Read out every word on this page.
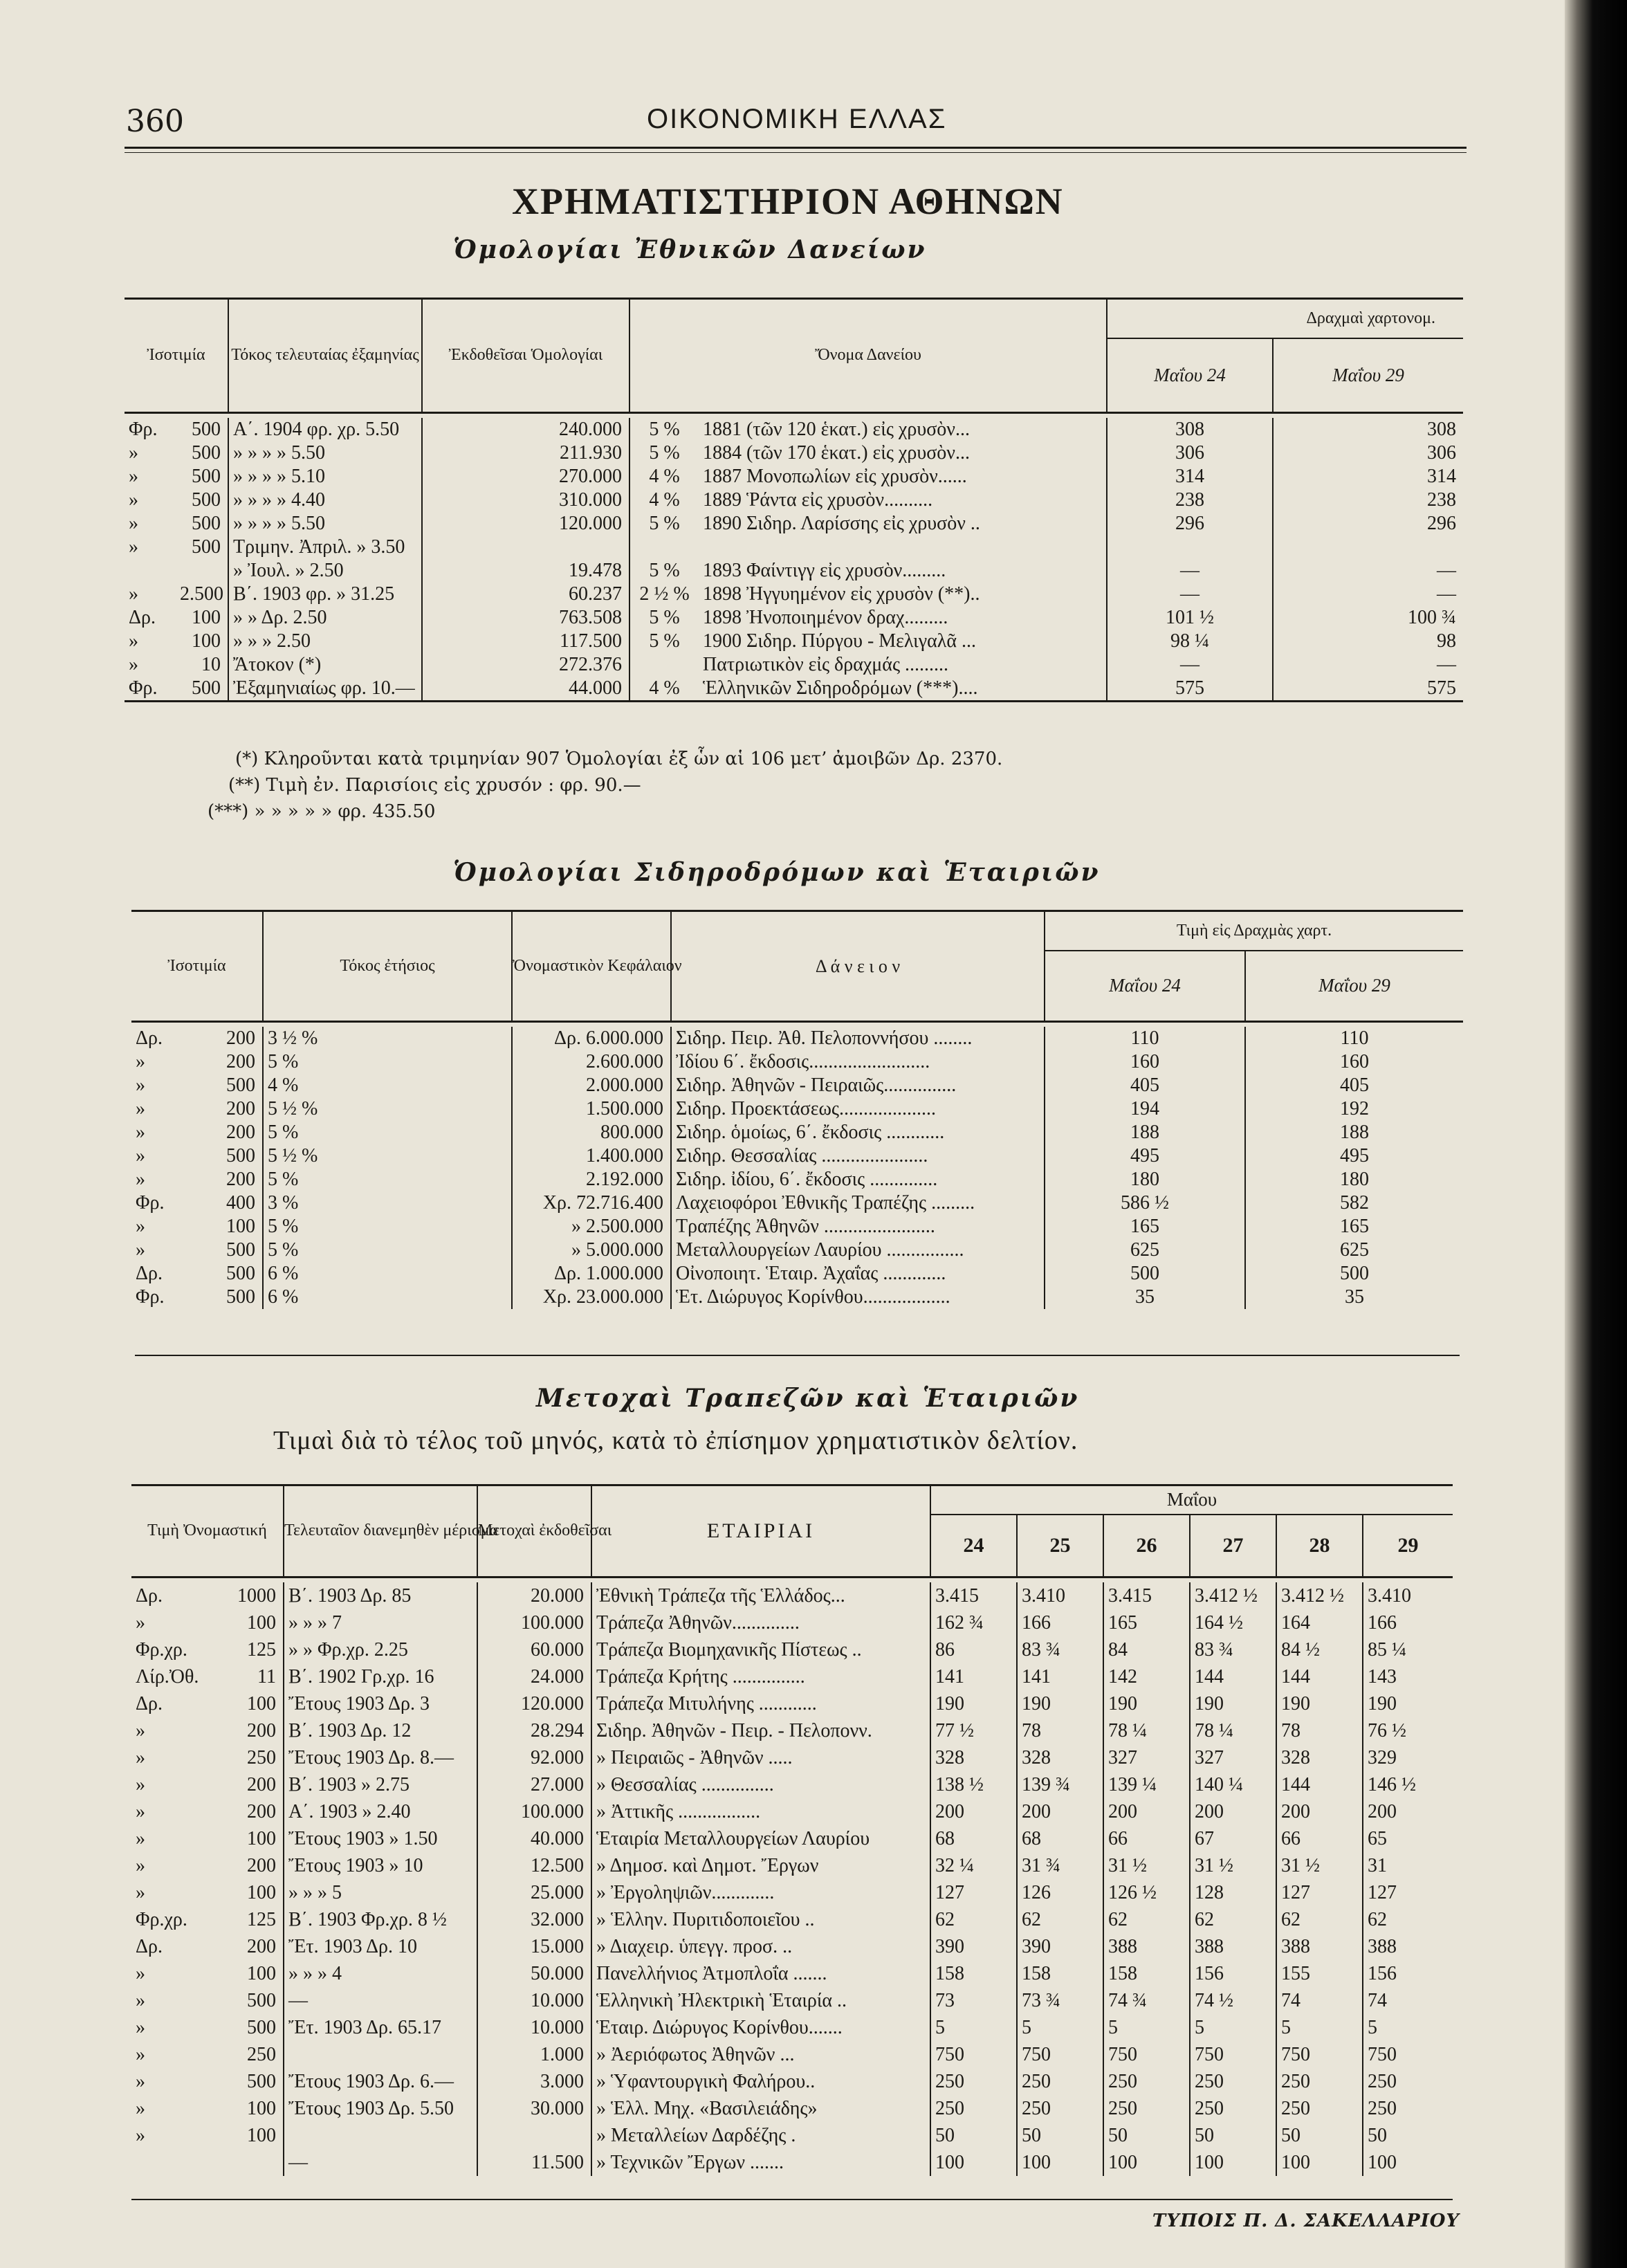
360	ΟΙΚΟΝΟΜΙΚΗ ΕΛΛΑΣ
ΧΡΗΜΑΤΙΣΤΗΡΙΟΝ ΑΘΗΝΩΝ
Ὁμολογίαι Ἐθνικῶν Δανείων
Ἰσοτιμία		Τόκος τελευταίας ἐξαμηνίας	Ἐκδοθεῖσαι Ὁμολογίαι	Ὄνομα Δανείου		Δραχμαὶ χαρτονομ.	
						Μαΐου 24	Μαΐου 29

Φρ.	500	Α΄. 1904 φρ. χρ. 5.50	240.000	5 %	1881 (τῶν 120 ἑκατ.) εἰς χρυσὸν...	308	308
»	500	» » » » 5.50	211.930	5 %	1884 (τῶν 170 ἑκατ.) εἰς χρυσὸν...	306	306
»	500	» » » » 5.10	270.000	4 %	1887 Μονοπωλίων εἰς χρυσὸν......	314	314
»	500	» » » » 4.40	310.000	4 %	1889 Ῥάντα εἰς χρυσὸν..........	238	238
»	500	» » » » 5.50	120.000	5 %	1890 Σιδηρ. Λαρίσσης εἰς χρυσὸν ..	296	296
»	500	Τριμην. Ἀπριλ. » 3.50					
		» Ἰουλ. » 2.50	19.478	5 %	1893 Φαίντιγγ εἰς χρυσὸν.........	—	—
»	2.500	Β΄. 1903 φρ. » 31.25	60.237	2 ½ %	1898 Ἠγγυημένον εἰς χρυσὸν (**)..	—	—
Δρ.	100	» » Δρ. 2.50	763.508	5 %	1898 Ἠνοποιημένον δραχ.........	101 ½	100 ¾
»	100	» » » 2.50	117.500	5 %	1900 Σιδηρ. Πύργου - Μελιγαλᾶ ...	98 ¼	98
»	10	Ἄτοκον (*)	272.376		Πατριωτικὸν εἰς δραχμάς .........	—	—
Φρ.	500	Ἐξαμηνιαίως φρ. 10.—	44.000	4 %	Ἑλληνικῶν Σιδηροδρόμων (***)....	575	575

(*) Κληροῦνται κατὰ τριμηνίαν 907 Ὁμολογίαι ἐξ ὧν αἱ 106 μετ’ ἀμοιβῶν Δρ. 2370.
(**) Τιμὴ ἐν. Παρισίοις εἰς χρυσόν : φρ. 90.—
(***) » » » » » φρ. 435.50
Ὁμολογίαι Σιδηροδρόμων καὶ Ἑταιριῶν
Ἰσοτιμία		Τόκος ἐτήσιος	Ὀνομαστικὸν Κεφάλαιον	Δ ά ν ε ι ο ν	Τιμὴ εἰς Δραχμὰς χαρτ.	
					Μαΐου 24	Μαΐου 29

Δρ.	200	3 ½ %	Δρ. 6.000.000	Σιδηρ. Πειρ. Ἀθ. Πελοποννήσου ........	110	110
»	200	5 %	2.600.000	Ἰδίου 6΄. ἔκδοσις.........................	160	160
»	500	4 %	2.000.000	Σιδηρ. Ἀθηνῶν - Πειραιῶς...............	405	405
»	200	5 ½ %	1.500.000	Σιδηρ. Προεκτάσεως....................	194	192
»	200	5 %	800.000	Σιδηρ. ὁμοίως, 6΄. ἔκδοσις ............	188	188
»	500	5 ½ %	1.400.000	Σιδηρ. Θεσσαλίας ......................	495	495
»	200	5 %	2.192.000	Σιδηρ. ἰδίου, 6΄. ἔκδοσις ..............	180	180
Φρ.	400	3 %	Χρ. 72.716.400	Λαχειοφόροι Ἐθνικῆς Τραπέζης .........	586 ½	582
»	100	5 %	» 2.500.000	Τραπέζης Ἀθηνῶν .......................	165	165
»	500	5 %	» 5.000.000	Μεταλλουργείων Λαυρίου ................	625	625
Δρ.	500	6 %	Δρ. 1.000.000	Οἰνοποιητ. Ἑταιρ. Ἀχαΐας .............	500	500
Φρ.	500	6 %	Χρ. 23.000.000	Ἑτ. Διώρυγος Κορίνθου..................	35	35
Μετοχαὶ Τραπεζῶν καὶ Ἑταιριῶν
Τιμαὶ διὰ τὸ τέλος τοῦ μηνός, κατὰ τὸ ἐπίσημον χρηματιστικὸν δελτίον.
Τιμὴ Ὀνομαστική		Τελευταῖον διανεμηθὲν μέρισμα	Μετοχαὶ ἐκδοθεῖσαι	ΕΤΑΙΡΙΑΙ	Μαΐου					
					24	25	26	27	28	29

Δρ.	1000	Β΄. 1903 Δρ. 85	20.000	Ἐθνικὴ Τράπεζα τῆς Ἑλλάδος...	3.415	3.410	3.415	3.412 ½	3.412 ½	3.410
»	100	» » » 7	100.000	Τράπεζα Ἀθηνῶν..............	162 ¾	166	165	164 ½	164	166
Φρ.χρ.	125	» » Φρ.χρ. 2.25	60.000	Τράπεζα Βιομηχανικῆς Πίστεως ..	86	83 ¾	84	83 ¾	84 ½	85 ¼
Λίρ.Ὀθ.	11	Β΄. 1902 Γρ.χρ. 16	24.000	Τράπεζα Κρήτης ...............	141	141	142	144	144	143
Δρ.	100	Ἔτους 1903 Δρ. 3	120.000	Τράπεζα Μιτυλήνης ............	190	190	190	190	190	190
»	200	Β΄. 1903 Δρ. 12	28.294	Σιδηρ. Ἀθηνῶν - Πειρ. - Πελοπονν.	77 ½	78	78 ¼	78 ¼	78	76 ½
»	250	Ἔτους 1903 Δρ. 8.—	92.000	» Πειραιῶς - Ἀθηνῶν .....	328	328	327	327	328	329
»	200	Β΄. 1903 » 2.75	27.000	» Θεσσαλίας ...............	138 ½	139 ¾	139 ¼	140 ¼	144	146 ½
»	200	Α΄. 1903 » 2.40	100.000	» Ἀττικῆς .................	200	200	200	200	200	200
»	100	Ἔτους 1903 » 1.50	40.000	Ἑταιρία Μεταλλουργείων Λαυρίου	68	68	66	67	66	65
»	200	Ἔτους 1903 » 10	12.500	» Δημοσ. καὶ Δημοτ. Ἔργων	32 ¼	31 ¾	31 ½	31 ½	31 ½	31
»	100	» » » 5	25.000	» Ἐργοληψιῶν.............	127	126	126 ½	128	127	127
Φρ.χρ.	125	Β΄. 1903 Φρ.χρ. 8 ½	32.000	» Ἑλλην. Πυριτιδοποιεῖου ..	62	62	62	62	62	62
Δρ.	200	Ἔτ. 1903 Δρ. 10	15.000	» Διαχειρ. ὑπεγγ. προσ. ..	390	390	388	388	388	388
»	100	» » » 4	50.000	Πανελλήνιος Ἀτμοπλοΐα .......	158	158	158	156	155	156
»	500	—	10.000	Ἑλληνικὴ Ἠλεκτρικὴ Ἑταιρία ..	73	73 ¾	74 ¾	74 ½	74	74
»	500	Ἔτ. 1903 Δρ. 65.17	10.000	Ἑταιρ. Διώρυγος Κορίνθου.......	5	5	5	5	5	5
»	250		1.000	» Ἀεριόφωτος Ἀθηνῶν ...	750	750	750	750	750	750
»	500	Ἔτους 1903 Δρ. 6.—	3.000	» Ὑφαντουργικὴ Φαλήρου..	250	250	250	250	250	250
»	100	Ἔτους 1903 Δρ. 5.50	30.000	» Ἑλλ. Μηχ. «Βασιλειάδης»	250	250	250	250	250	250
»	100			» Μεταλλείων Δαρδέζης .	50	50	50	50	50	50
		—	11.500	» Τεχνικῶν Ἔργων .......	100	100	100	100	100	100
ΤΥΠΟΙΣ Π. Δ. ΣΑΚΕΛΛΑΡΙΟΥ
